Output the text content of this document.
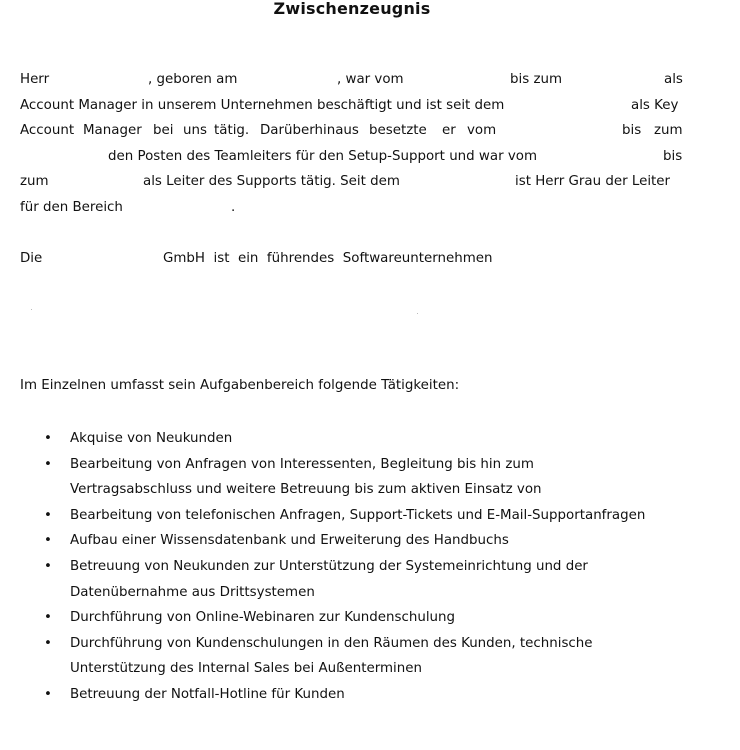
Zwischenzeugnis
Herr	, geboren am	, war vom	bis zum	als
Account Manager in unserem Unternehmen beschäftigt und ist seit dem	als Key
Account Manager bei uns tätig. Darüberhinaus besetzte er vom	bis zum
den Posten des Teamleiters für den Setup-Support und war vom	bis
zum	als Leiter des Supports tätig. Seit dem	ist Herr Grau der Leiter
für den Bereich	.
Die	GmbH  ist  ein  führendes  Softwareunternehmen
Im Einzelnen umfasst sein Aufgabenbereich folgende Tätigkeiten:
• Akquise von Neukunden
• Bearbeitung von Anfragen von Interessenten, Begleitung bis hin zum
Vertragsabschluss und weitere Betreuung bis zum aktiven Einsatz von
• Bearbeitung von telefonischen Anfragen, Support-Tickets und E-Mail-Supportanfragen
• Aufbau einer Wissensdatenbank und Erweiterung des Handbuchs
• Betreuung von Neukunden zur Unterstützung der Systemeinrichtung und der
Datenübernahme aus Drittsystemen
• Durchführung von Online-Webinaren zur Kundenschulung
• Durchführung von Kundenschulungen in den Räumen des Kunden, technische
Unterstützung des Internal Sales bei Außenterminen
• Betreuung der Notfall-Hotline für Kunden
